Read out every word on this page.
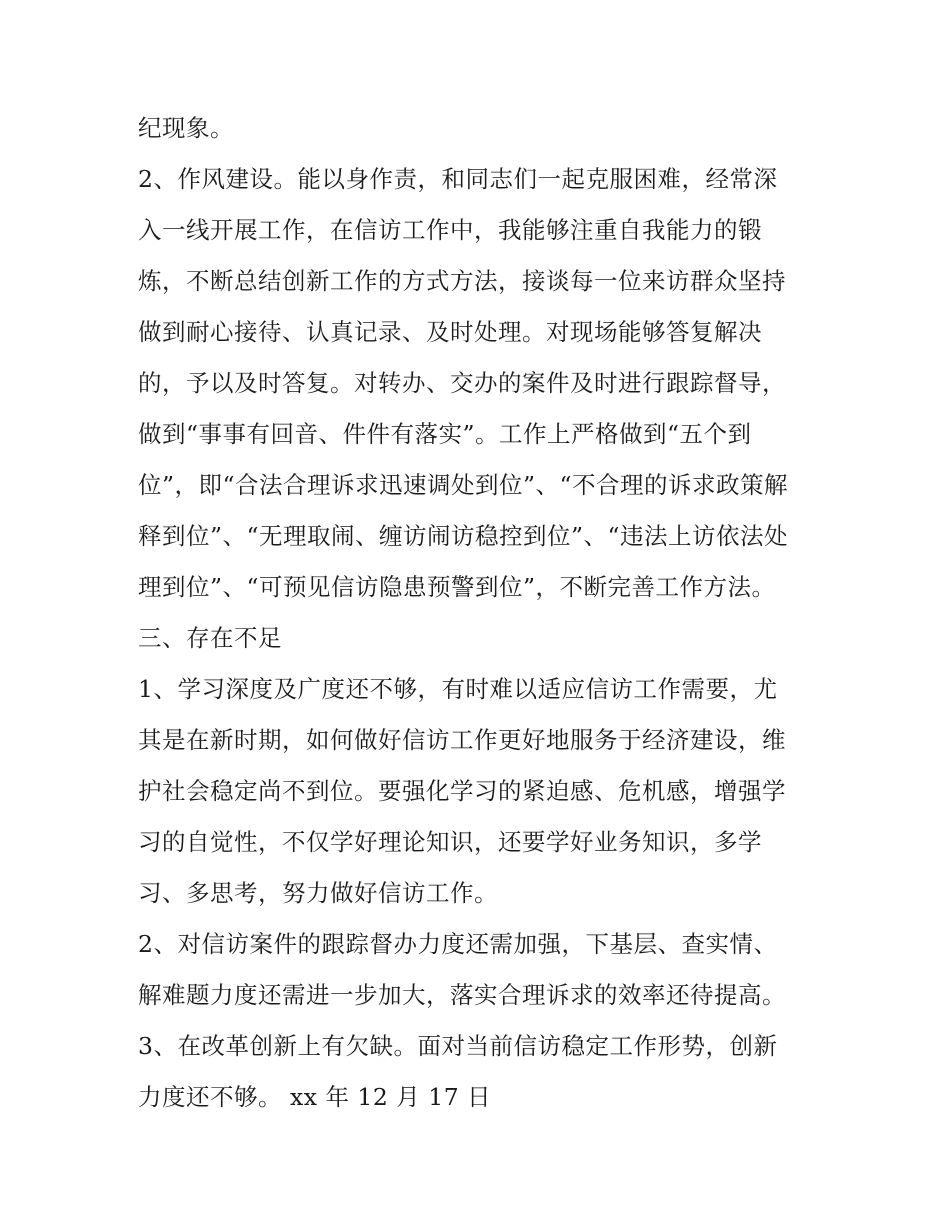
纪现象。
2、作风建设。能以身作责，和同志们一起克服困难，经常深
入一线开展工作，在信访工作中，我能够注重自我能力的锻
炼，不断总结创新工作的方式方法，接谈每一位来访群众坚持
做到耐心接待、认真记录、及时处理。对现场能够答复解决
的，予以及时答复。对转办、交办的案件及时进行跟踪督导，
做到“事事有回音、件件有落实”。工作上严格做到“五个到
位”，即“合法合理诉求迅速调处到位”、“不合理的诉求政策解
释到位”、“无理取闹、缠访闹访稳控到位”、“违法上访依法处
理到位”、“可预见信访隐患预警到位”，不断完善工作方法。
三、存在不足
1、学习深度及广度还不够，有时难以适应信访工作需要，尤
其是在新时期，如何做好信访工作更好地服务于经济建设，维
护社会稳定尚不到位。要强化学习的紧迫感、危机感，增强学
习的自觉性，不仅学好理论知识，还要学好业务知识，多学
习、多思考，努力做好信访工作。
2、对信访案件的跟踪督办力度还需加强，下基层、查实情、
解难题力度还需进一步加大，落实合理诉求的效率还待提高。
3、在改革创新上有欠缺。面对当前信访稳定工作形势，创新
力度还不够。 xx 年 12 月 17 日
